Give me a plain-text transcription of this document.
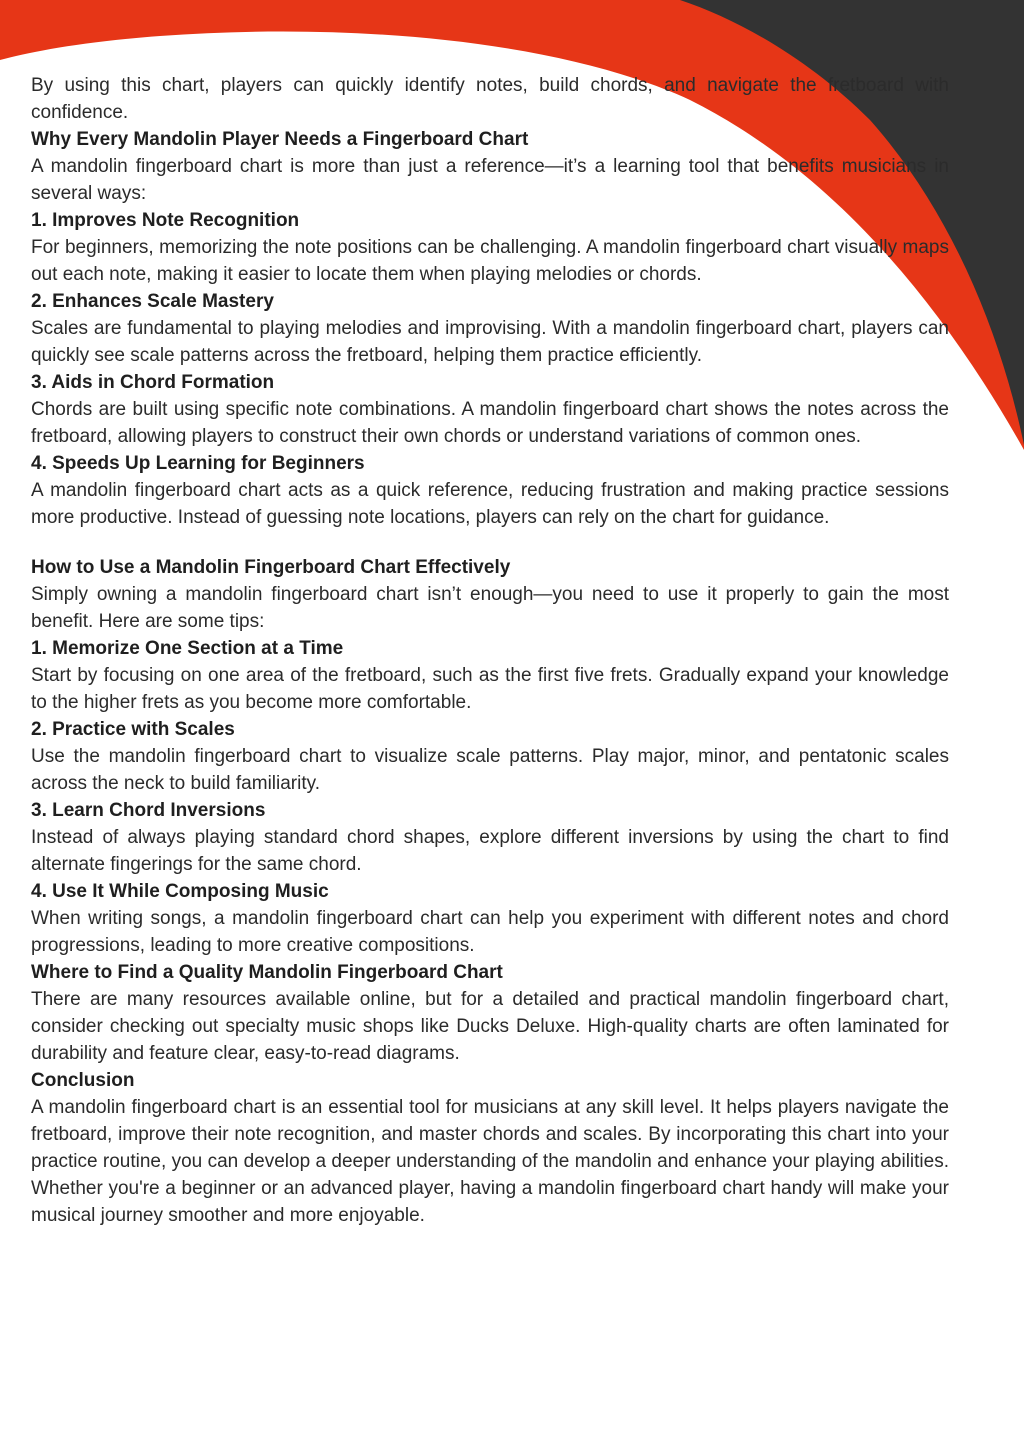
By using this chart, players can quickly identify notes, build chords, and navigate the fretboard with confidence.

Why Every Mandolin Player Needs a Fingerboard Chart

A mandolin fingerboard chart is more than just a reference—it’s a learning tool that benefits musicians in several ways:

1. Improves Note Recognition

For beginners, memorizing the note positions can be challenging. A mandolin fingerboard chart visually maps out each note, making it easier to locate them when playing melodies or chords.

2. Enhances Scale Mastery

Scales are fundamental to playing melodies and improvising. With a mandolin fingerboard chart, players can quickly see scale patterns across the fretboard, helping them practice efficiently.

3. Aids in Chord Formation

Chords are built using specific note combinations. A mandolin fingerboard chart shows the notes across the fretboard, allowing players to construct their own chords or understand variations of common ones.

4. Speeds Up Learning for Beginners

A mandolin fingerboard chart acts as a quick reference, reducing frustration and making practice sessions more productive. Instead of guessing note locations, players can rely on the chart for guidance.

How to Use a Mandolin Fingerboard Chart Effectively

Simply owning a mandolin fingerboard chart isn’t enough—you need to use it properly to gain the most benefit. Here are some tips:

1. Memorize One Section at a Time

Start by focusing on one area of the fretboard, such as the first five frets. Gradually expand your knowledge to the higher frets as you become more comfortable.

2. Practice with Scales

Use the mandolin fingerboard chart to visualize scale patterns. Play major, minor, and pentatonic scales across the neck to build familiarity.

3. Learn Chord Inversions

Instead of always playing standard chord shapes, explore different inversions by using the chart to find alternate fingerings for the same chord.

4. Use It While Composing Music

When writing songs, a mandolin fingerboard chart can help you experiment with different notes and chord progressions, leading to more creative compositions.

Where to Find a Quality Mandolin Fingerboard Chart

There are many resources available online, but for a detailed and practical mandolin fingerboard chart, consider checking out specialty music shops like Ducks Deluxe. High-quality charts are often laminated for durability and feature clear, easy-to-read diagrams.

Conclusion

A mandolin fingerboard chart is an essential tool for musicians at any skill level. It helps players navigate the fretboard, improve their note recognition, and master chords and scales. By incorporating this chart into your practice routine, you can develop a deeper understanding of the mandolin and enhance your playing abilities. Whether you're a beginner or an advanced player, having a mandolin fingerboard chart handy will make your musical journey smoother and more enjoyable.
